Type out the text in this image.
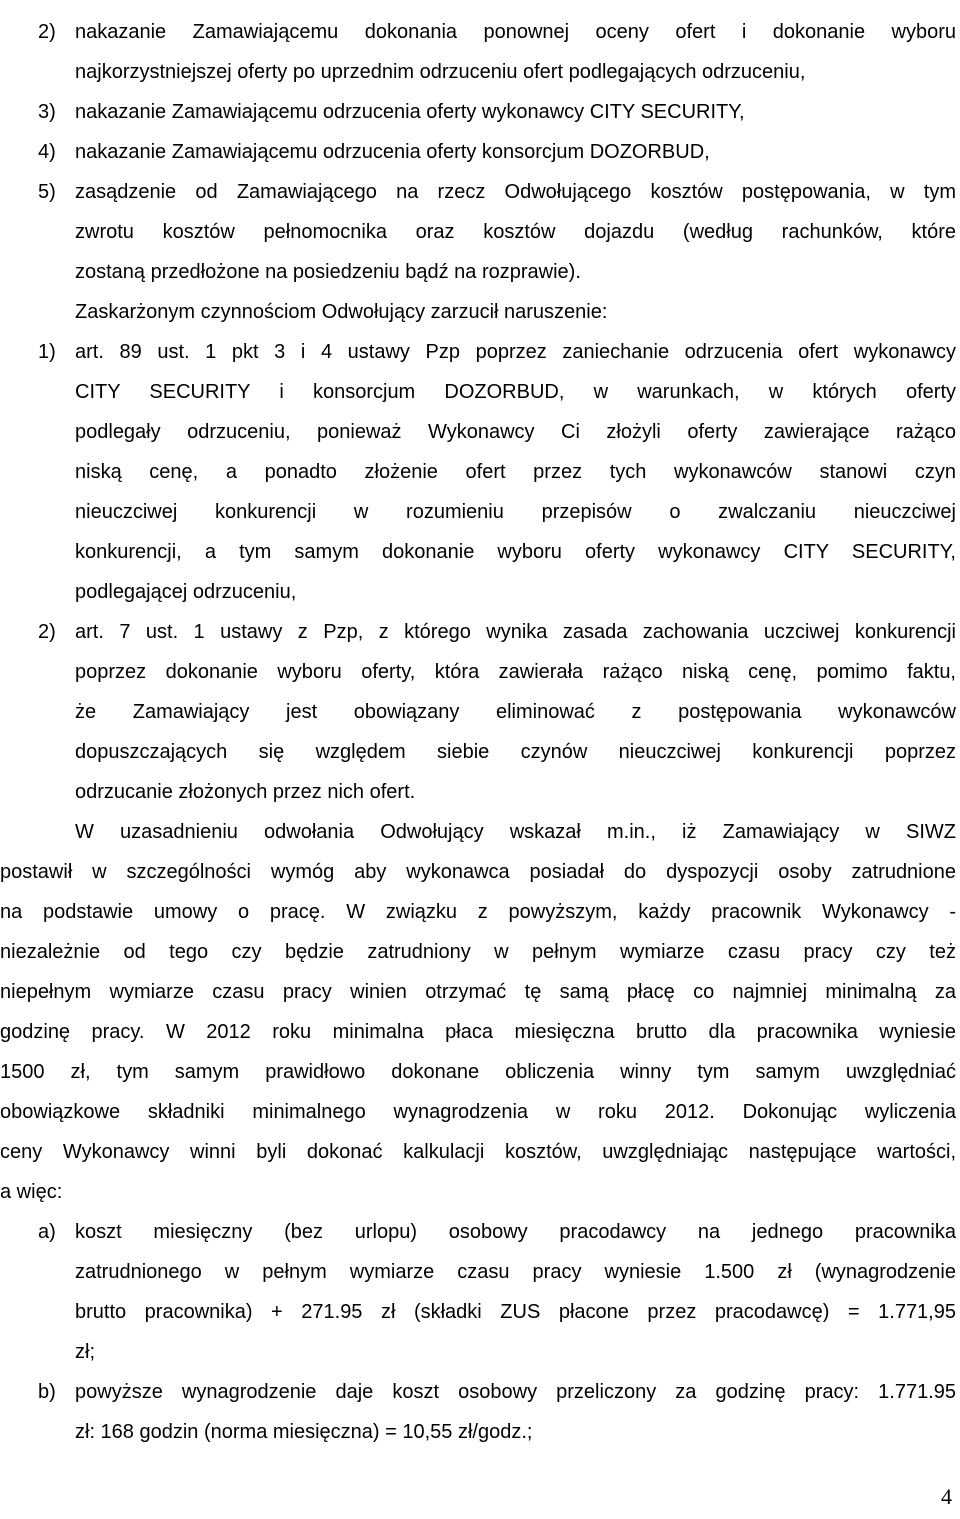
2) nakazanie Zamawiającemu dokonania ponownej oceny ofert i dokonanie wyboru
najkorzystniejszej oferty po uprzednim odrzuceniu ofert podlegających odrzuceniu,
3) nakazanie Zamawiającemu odrzucenia oferty wykonawcy CITY SECURITY,
4) nakazanie Zamawiającemu odrzucenia oferty konsorcjum DOZORBUD,
5) zasądzenie od Zamawiającego na rzecz Odwołującego kosztów postępowania, w tym
zwrotu kosztów pełnomocnika oraz kosztów dojazdu (według rachunków, które
zostaną przedłożone na posiedzeniu bądź na rozprawie).
Zaskarżonym czynnościom Odwołujący zarzucił naruszenie:
1) art. 89 ust. 1 pkt 3 i 4 ustawy Pzp poprzez zaniechanie odrzucenia ofert wykonawcy
CITY SECURITY i konsorcjum DOZORBUD, w warunkach, w których oferty
podlegały odrzuceniu, ponieważ Wykonawcy Ci złożyli oferty zawierające rażąco
niską cenę, a ponadto złożenie ofert przez tych wykonawców stanowi czyn
nieuczciwej konkurencji w rozumieniu przepisów o zwalczaniu nieuczciwej
konkurencji, a tym samym dokonanie wyboru oferty wykonawcy CITY SECURITY,
podlegającej odrzuceniu,
2) art. 7 ust. 1 ustawy z Pzp, z którego wynika zasada zachowania uczciwej konkurencji
poprzez dokonanie wyboru oferty, która zawierała rażąco niską cenę, pomimo faktu,
że Zamawiający jest obowiązany eliminować z postępowania wykonawców
dopuszczających się względem siebie czynów nieuczciwej konkurencji poprzez
odrzucanie złożonych przez nich ofert.
W uzasadnieniu odwołania Odwołujący wskazał m.in., iż Zamawiający w SIWZ
postawił w szczególności wymóg aby wykonawca posiadał do dyspozycji osoby zatrudnione
na podstawie umowy o pracę. W związku z powyższym, każdy pracownik Wykonawcy -
niezależnie od tego czy będzie zatrudniony w pełnym wymiarze czasu pracy czy też
niepełnym wymiarze czasu pracy winien otrzymać tę samą płacę co najmniej minimalną za
godzinę pracy. W 2012 roku minimalna płaca miesięczna brutto dla pracownika wyniesie
1500 zł, tym samym prawidłowo dokonane obliczenia winny tym samym uwzględniać
obowiązkowe składniki minimalnego wynagrodzenia w roku 2012. Dokonując wyliczenia
ceny Wykonawcy winni byli dokonać kalkulacji kosztów, uwzględniając następujące wartości,
a więc:
a) koszt miesięczny (bez urlopu) osobowy pracodawcy na jednego pracownika
zatrudnionego w pełnym wymiarze czasu pracy wyniesie 1.500 zł (wynagrodzenie
brutto pracownika) + 271.95 zł (składki ZUS płacone przez pracodawcę) = 1.771,95
zł;
b) powyższe wynagrodzenie daje koszt osobowy przeliczony za godzinę pracy: 1.771.95
zł: 168 godzin (norma miesięczna) = 10,55 zł/godz.;
4
